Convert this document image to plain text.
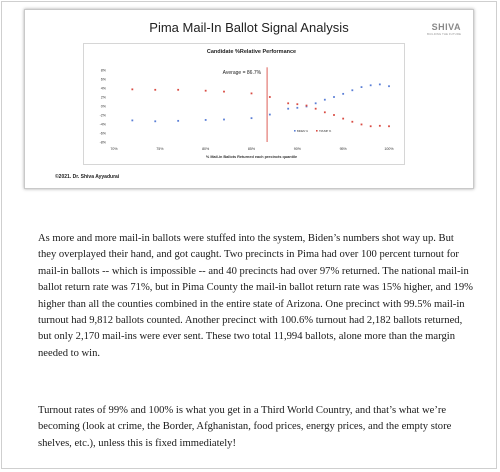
Pima Mail-In Ballot Signal Analysis	SHIVA
BUILDING THE FUTURE
Candidate %Relative Performance
8%
6%
4%
2%
0%
-2%
-4%
-6%
-8%
70%	75%	80%	85%	90%	95%	100%
% Mail-in Ballots Returned each precincts quantile
Average = 86.7%
BIDEN %	TRUMP %
©2021. Dr. Shiva Ayyadurai

As more and more mail-in ballots were stuffed into the system, Biden’s numbers shot way up. But they overplayed their hand, and got caught. Two precincts in Pima had over 100 percent turnout for mail-in ballots -- which is impossible -- and 40 precincts had over 97% returned. The national mail-in ballot return rate was 71%, but in Pima County the mail-in ballot return rate was 15% higher, and 19% higher than all the counties combined in the entire state of Arizona. One precinct with 99.5% mail-in turnout had 9,812 ballots counted. Another precinct with 100.6% turnout had 2,182 ballots returned, but only 2,170 mail-ins were ever sent. These two total 11,994 ballots, alone more than the margin needed to win.

Turnout rates of 99% and 100% is what you get in a Third World Country, and that’s what we’re becoming (look at crime, the Border, Afghanistan, food prices, energy prices, and the empty store shelves, etc.), unless this is fixed immediately!
